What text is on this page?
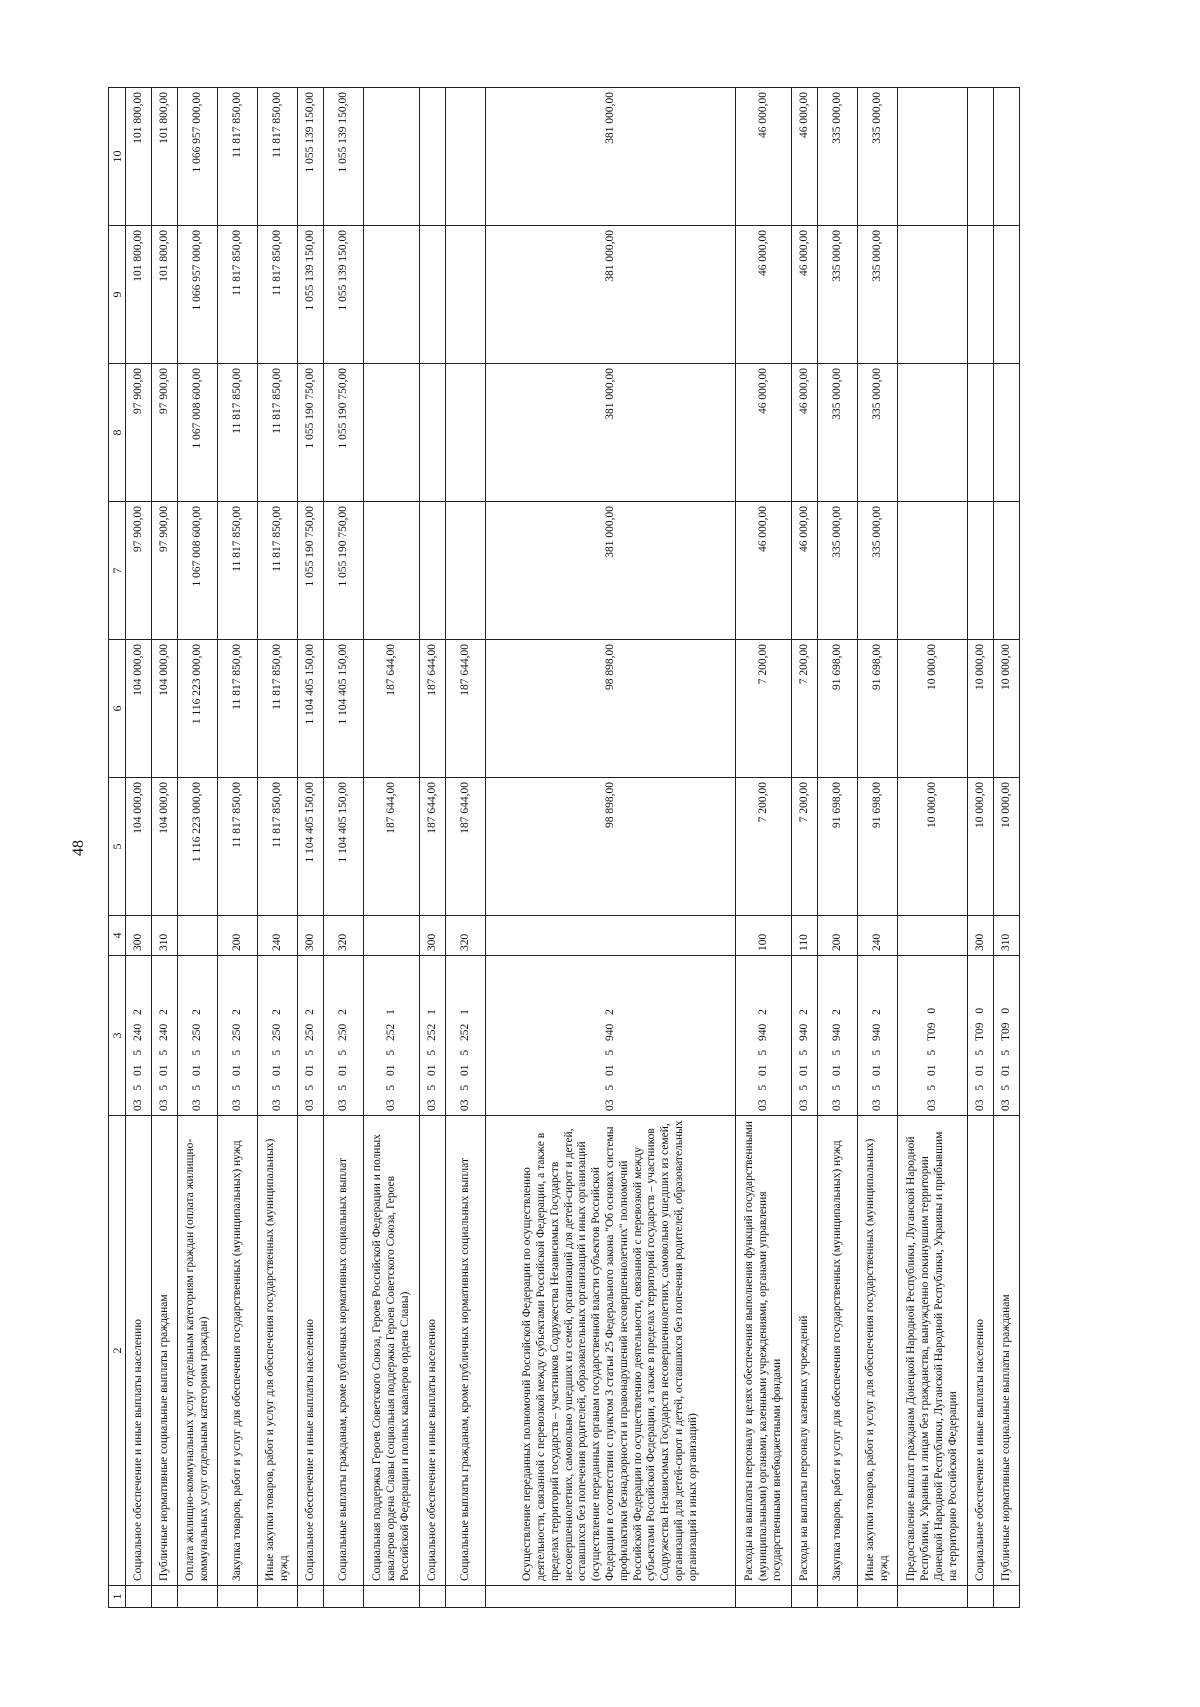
48
1	2	3	4	5	6	7	8	9	10
	Социальное обеспечение и иные выплаты населению	03 5 01 5 240 2	300	104 000,00	104 000,00	97 900,00	97 900,00	101 800,00	101 800,00
	Публичные нормативные социальные выплаты гражданам	03 5 01 5 240 2	310	104 000,00	104 000,00	97 900,00	97 900,00	101 800,00	101 800,00
	Оплата жилищно-коммунальных услуг отдельным категориям граждан (оплата жилищно-коммунальных услуг отдельным категориям граждан)	03 5 01 5 250 2		1 116 223 000,00	1 116 223 000,00	1 067 008 600,00	1 067 008 600,00	1 066 957 000,00	1 066 957 000,00
	Закупка товаров, работ и услуг для обеспечения государственных (муниципальных) нужд	03 5 01 5 250 2	200	11 817 850,00	11 817 850,00	11 817 850,00	11 817 850,00	11 817 850,00	11 817 850,00
	Иные закупки товаров, работ и услуг для обеспечения государственных (муниципальных) нужд	03 5 01 5 250 2	240	11 817 850,00	11 817 850,00	11 817 850,00	11 817 850,00	11 817 850,00	11 817 850,00
	Социальное обеспечение и иные выплаты населению	03 5 01 5 250 2	300	1 104 405 150,00	1 104 405 150,00	1 055 190 750,00	1 055 190 750,00	1 055 139 150,00	1 055 139 150,00
	Социальные выплаты гражданам, кроме публичных нормативных социальных выплат	03 5 01 5 250 2	320	1 104 405 150,00	1 104 405 150,00	1 055 190 750,00	1 055 190 750,00	1 055 139 150,00	1 055 139 150,00
	Социальная поддержка Героев Советского Союза, Героев Российской Федерации и полных кавалеров ордена Славы (социальная поддержка Героев Советского Союза, Героев Российской Федерации и полных кавалеров ордена Славы)	03 5 01 5 252 1		187 644,00	187 644,00				
	Социальное обеспечение и иные выплаты населению	03 5 01 5 252 1	300	187 644,00	187 644,00				
	Социальные выплаты гражданам, кроме публичных нормативных социальных выплат	03 5 01 5 252 1	320	187 644,00	187 644,00				
	Осуществление переданных полномочий Российской Федерации по осуществлению деятельности, связанной с перевозкой между субъектами Российской Федерации, а также в пределах территорий государств – участников Содружества Независимых Государств несовершеннолетних, самовольно ушедших из семей, организаций для детей-сирот и детей, оставшихся без попечения родителей, образовательных организаций и иных организаций (осуществление переданных органам государственной власти субъектов Российской Федерации в соответствии с пунктом 3 статьи 25 Федерального закона "Об основах системы профилактики безнадзорности и правонарушений несовершеннолетних" полномочий Российской Федерации по осуществлению деятельности, связанной с перевозкой между субъектами Российской Федерации, а также в пределах территорий государств – участников Содружества Независимых Государств несовершеннолетних, самовольно ушедших из семей, организаций для детей-сирот и детей, оставшихся без попечения родителей, образовательных организаций и иных организаций)	03 5 01 5 940 2		98 898,00	98 898,00	381 000,00	381 000,00	381 000,00	381 000,00
	Расходы на выплаты персоналу в целях обеспечения выполнения функций государственными (муниципальными) органами, казенными учреждениями, органами управления государственными внебюджетными фондами	03 5 01 5 940 2	100	7 200,00	7 200,00	46 000,00	46 000,00	46 000,00	46 000,00
	Расходы на выплаты персоналу казенных учреждений	03 5 01 5 940 2	110	7 200,00	7 200,00	46 000,00	46 000,00	46 000,00	46 000,00
	Закупка товаров, работ и услуг для обеспечения государственных (муниципальных) нужд	03 5 01 5 940 2	200	91 698,00	91 698,00	335 000,00	335 000,00	335 000,00	335 000,00
	Иные закупки товаров, работ и услуг для обеспечения государственных (муниципальных) нужд	03 5 01 5 940 2	240	91 698,00	91 698,00	335 000,00	335 000,00	335 000,00	335 000,00
	Предоставление выплат гражданам Донецкой Народной Республики, Луганской Народной Республики, Украины и лицам без гражданства, вынужденно покинувшим территории Донецкой Народной Республики, Луганской Народной Республики, Украины и прибывшим на территорию Российской Федерации	03 5 01 5 Т09 0		10 000,00	10 000,00				
	Социальное обеспечение и иные выплаты населению	03 5 01 5 Т09 0	300	10 000,00	10 000,00				
	Публичные нормативные социальные выплаты гражданам	03 5 01 5 Т09 0	310	10 000,00	10 000,00				
